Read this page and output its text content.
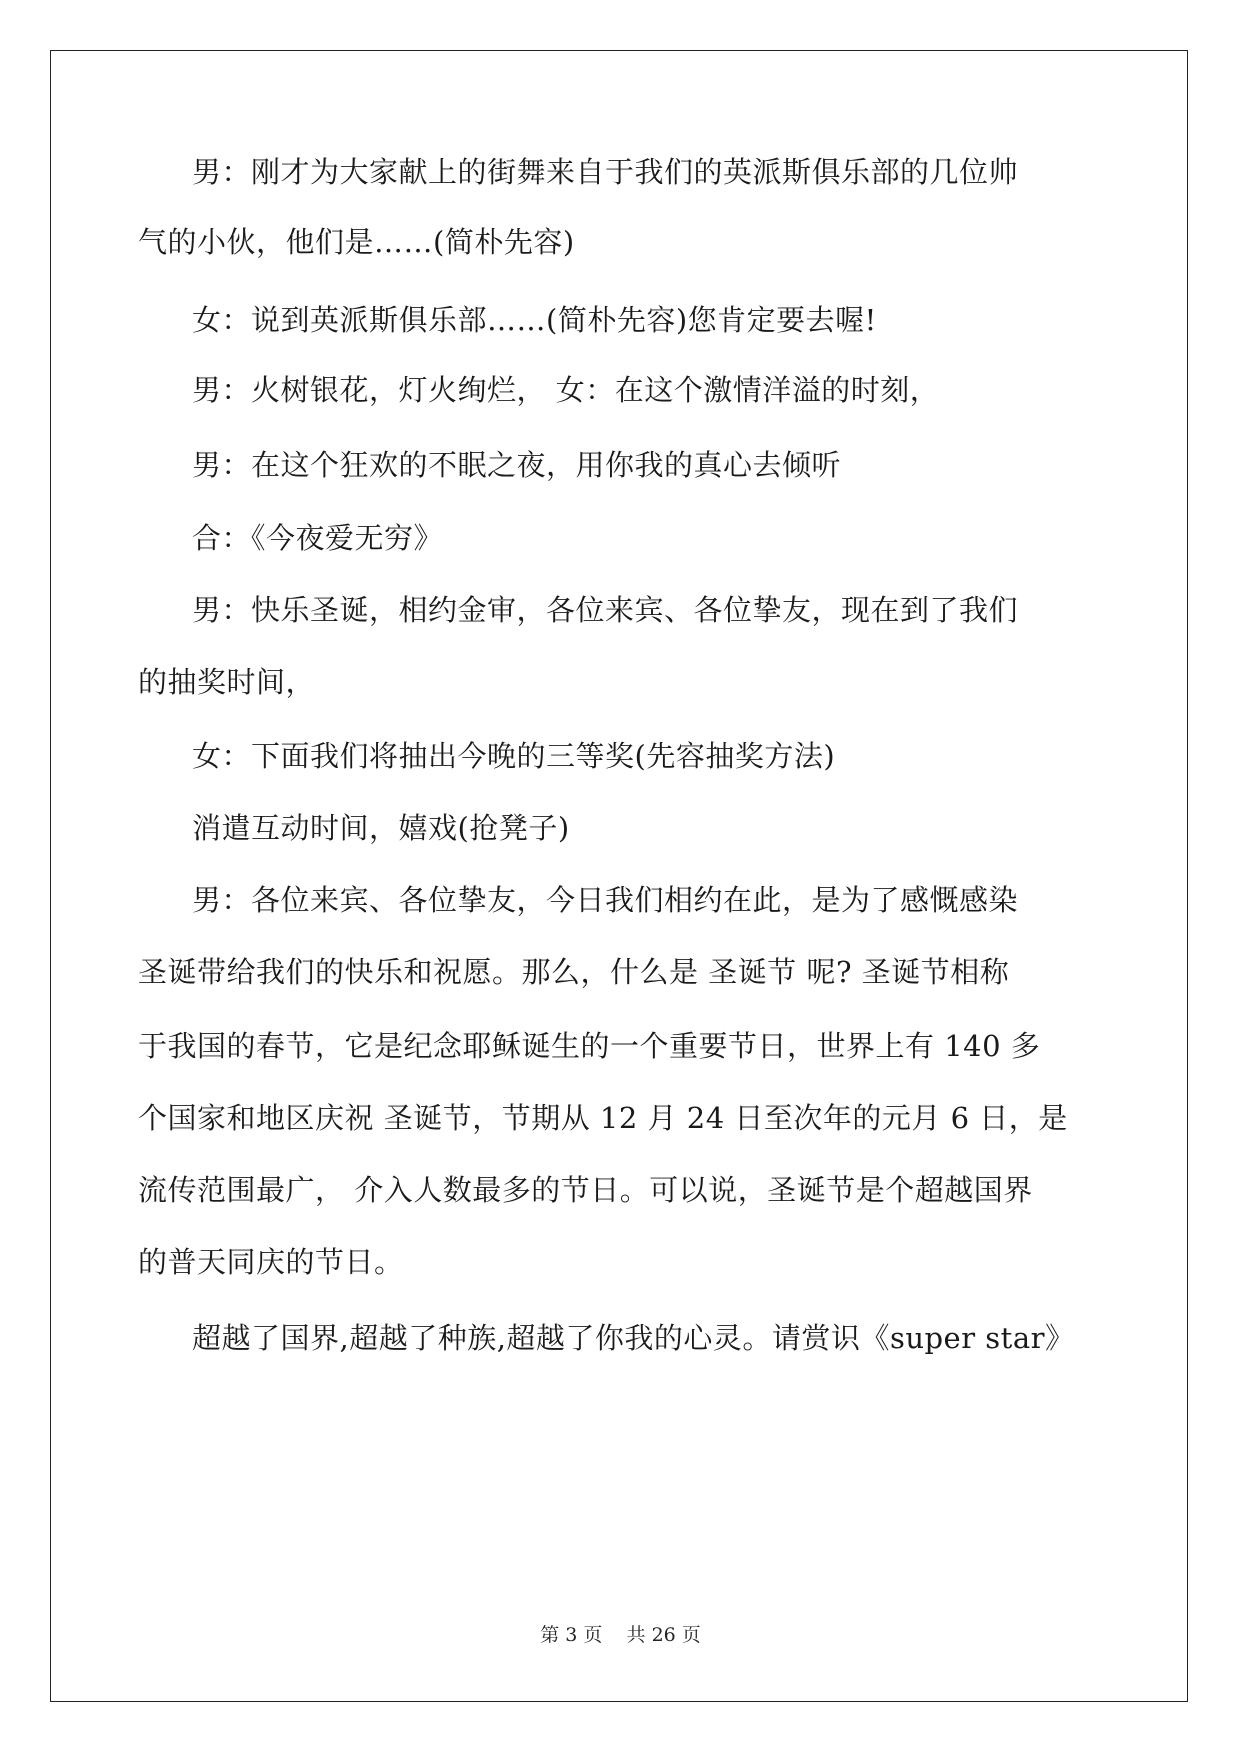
男：刚才为大家献上的街舞来自于我们的英派斯俱乐部的几位帅
气的小伙，他们是……(简朴先容)
女：说到英派斯俱乐部……(简朴先容)您肯定要去喔!
男：火树银花，灯火绚烂， 女：在这个激情洋溢的时刻，
男：在这个狂欢的不眠之夜，用你我的真心去倾听
合：《今夜爱无穷》
男：快乐圣诞，相约金审，各位来宾、各位挚友，现在到了我们
的抽奖时间，
女：下面我们将抽出今晚的三等奖(先容抽奖方法)
消遣互动时间，嬉戏(抢凳子)
男：各位来宾、各位挚友，今日我们相约在此，是为了感慨感染
圣诞带给我们的快乐和祝愿。那么，什么是 圣诞节 呢? 圣诞节相称
于我国的春节，它是纪念耶稣诞生的一个重要节日，世界上有 140 多
个国家和地区庆祝 圣诞节，节期从 12 月 24 日至次年的元月 6 日，是
流传范围最广， 介入人数最多的节日。可以说，圣诞节是个超越国界
的普天同庆的节日。
超越了国界,超越了种族,超越了你我的心灵。请赏识《super star》
第 3 页    共 26 页
